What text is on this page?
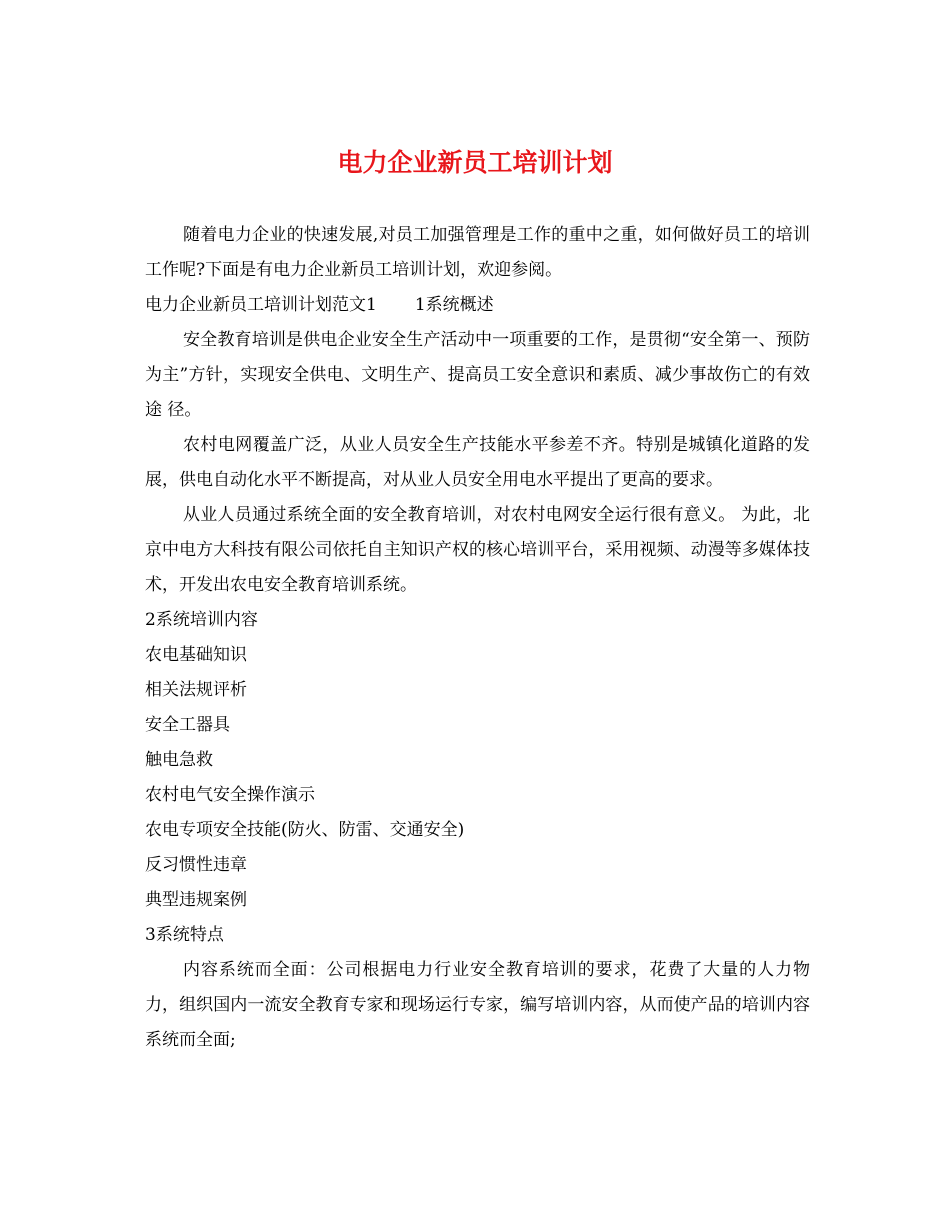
电力企业新员工培训计划

随着电力企业的快速发展,对员工加强管理是工作的重中之重，如何做好员工的培训工作呢?下面是有电力企业新员工培训计划，欢迎参阅。

电力企业新员工培训计划范文1 1系统概述

安全教育培训是供电企业安全生产活动中一项重要的工作，是贯彻“安全第一、预防为主”方针，实现安全供电、文明生产、提高员工安全意识和素质、减少事故伤亡的有效途 径。

农村电网覆盖广泛，从业人员安全生产技能水平参差不齐。特别是城镇化道路的发展，供电自动化水平不断提高，对从业人员安全用电水平提出了更高的要求。

从业人员通过系统全面的安全教育培训，对农村电网安全运行很有意义。 为此，北京中电方大科技有限公司依托自主知识产权的核心培训平台，采用视频、动漫等多媒体技术，开发出农电安全教育培训系统。

2系统培训内容

农电基础知识

相关法规评析

安全工器具

触电急救

农村电气安全操作演示

农电专项安全技能(防火、防雷、交通安全)

反习惯性违章

典型违规案例

3系统特点

内容系统而全面：公司根据电力行业安全教育培训的要求，花费了大量的人力物力，组织国内一流安全教育专家和现场运行专家，编写培训内容，从而使产品的培训内容系统而全面;
